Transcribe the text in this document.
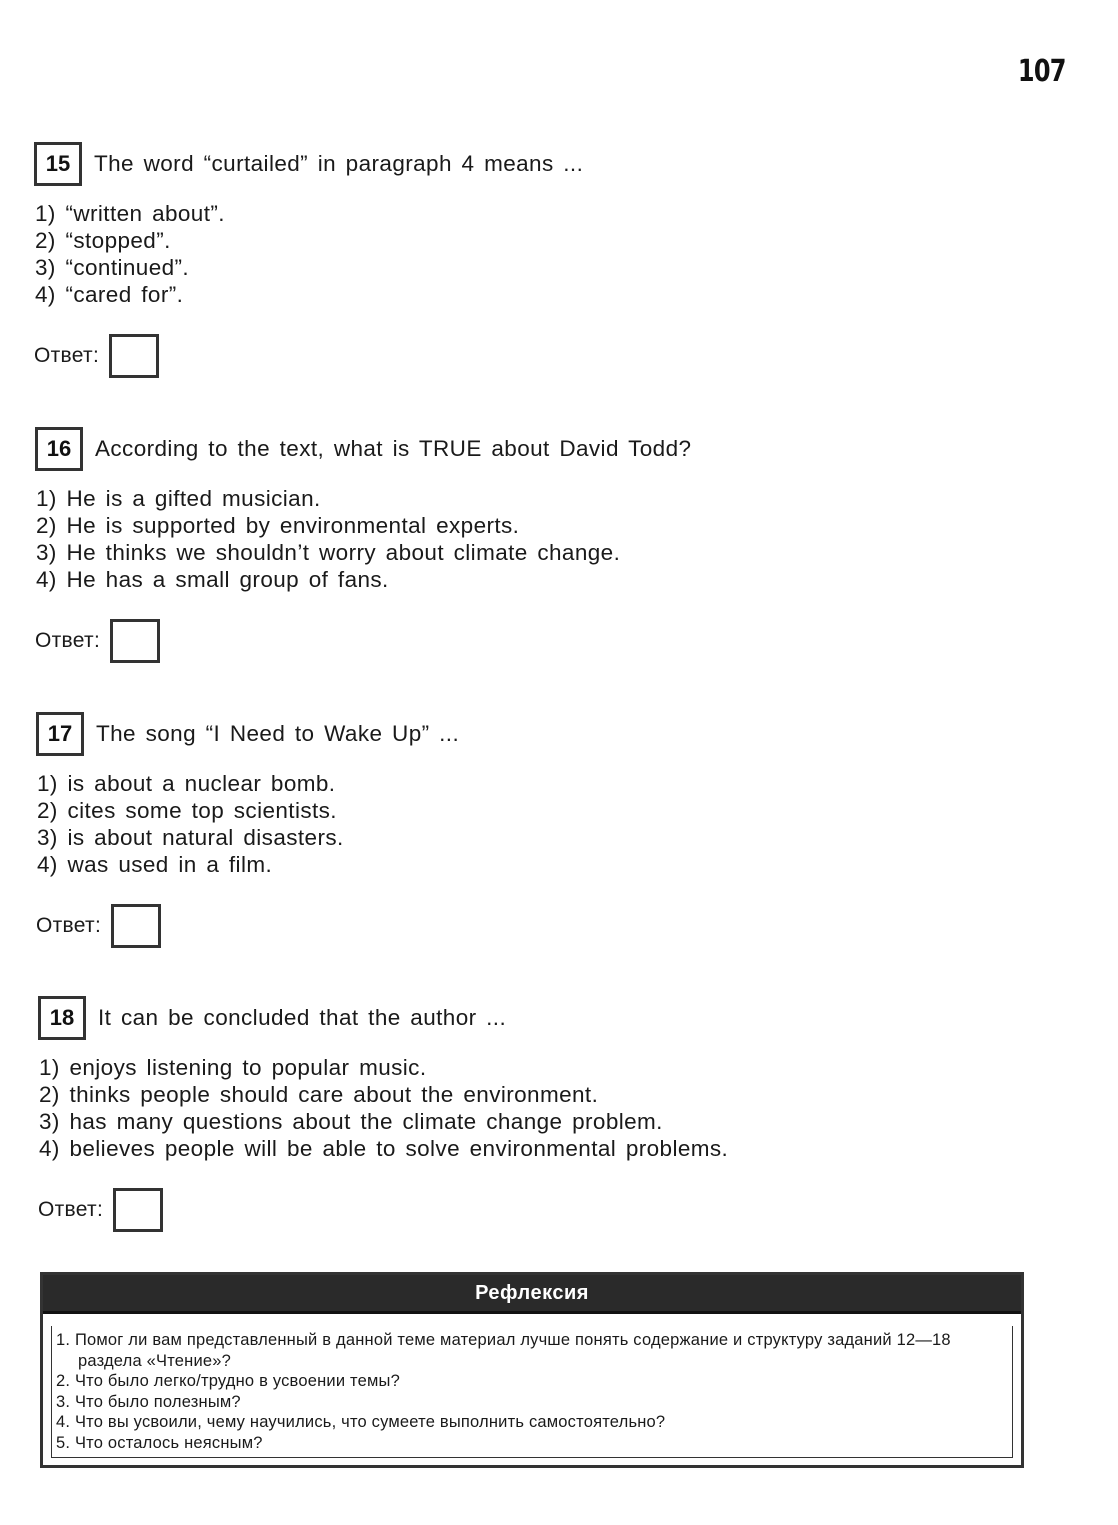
107
15	The word “curtailed” in paragraph 4 means ...
1) “written about”.
2) “stopped”.
3) “continued”.
4) “cared for”.
Ответ:
16	According to the text, what is TRUE about David Todd?
1) He is a gifted musician.
2) He is supported by environmental experts.
3) He thinks we shouldn’t worry about climate change.
4) He has a small group of fans.
Ответ:
17	The song “I Need to Wake Up” ...
1) is about a nuclear bomb.
2) cites some top scientists.
3) is about natural disasters.
4) was used in a film.
Ответ:
18	It can be concluded that the author ...
1) enjoys listening to popular music.
2) thinks people should care about the environment.
3) has many questions about the climate change problem.
4) believes people will be able to solve environmental problems.
Ответ:
Рефлексия
1. Помог ли вам представленный в данной теме материал лучше понять содержание и структуру заданий 12—18 раздела «Чтение»?
2. Что было легко/трудно в усвоении темы?
3. Что было полезным?
4. Что вы усвоили, чему научились, что сумеете выполнить самостоятельно?
5. Что осталось неясным?
